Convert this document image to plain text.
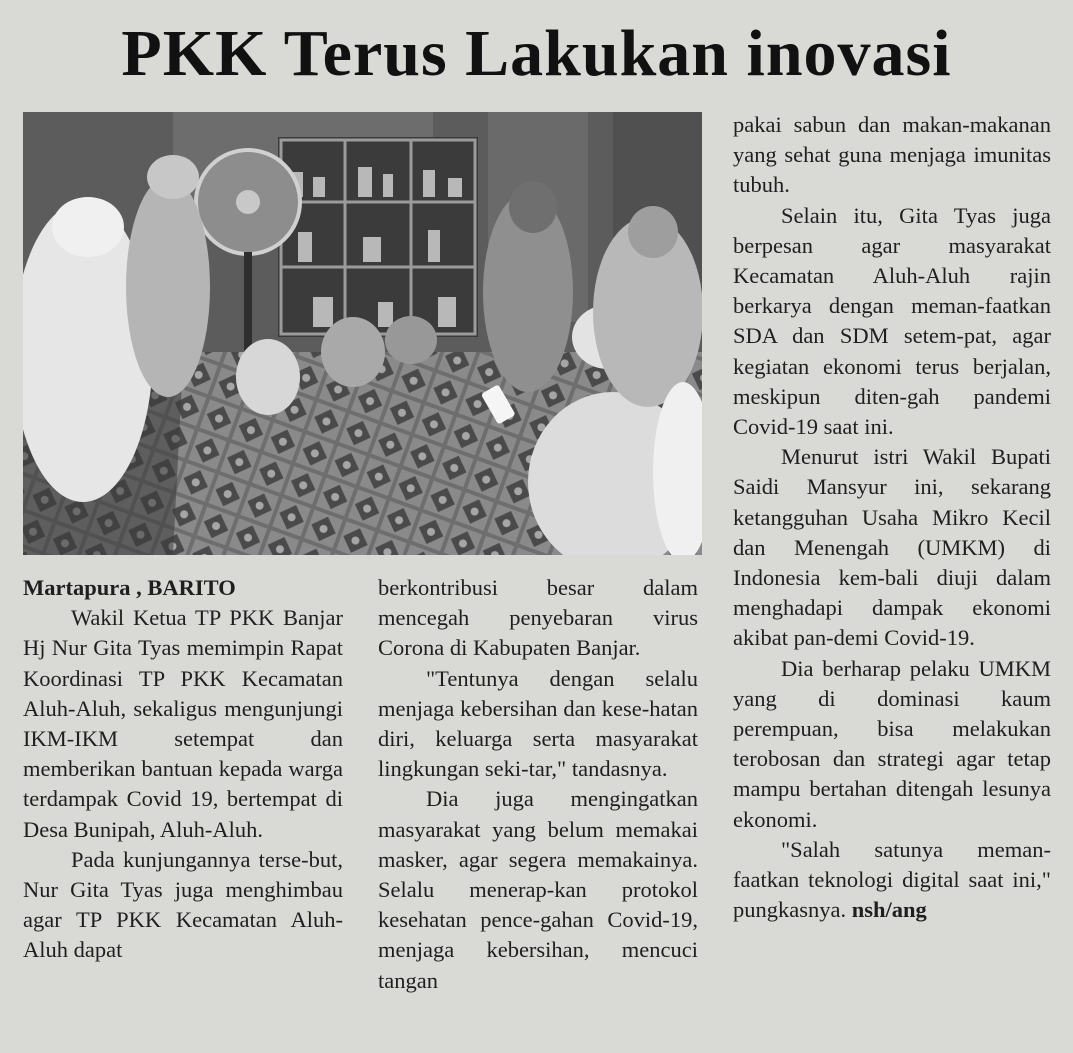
PKK Terus Lakukan inovasi

Martapura , BARITO

Wakil Ketua TP PKK Banjar Hj Nur Gita Tyas memimpin Rapat Koordinasi TP PKK Kecamatan Aluh-Aluh, sekaligus mengunjungi IKM-IKM setempat dan memberikan bantuan kepada warga terdampak Covid 19, bertempat di Desa Bunipah, Aluh-Aluh.

Pada kunjungannya terse-but, Nur Gita Tyas juga menghimbau agar TP PKK Kecamatan Aluh-Aluh dapat

berkontribusi besar dalam mencegah penyebaran virus Corona di Kabupaten Banjar.

"Tentunya dengan selalu menjaga kebersihan dan kese-hatan diri, keluarga serta masyarakat lingkungan seki-tar," tandasnya.

Dia juga mengingatkan masyarakat yang belum memakai masker, agar segera memakainya. Selalu menerap-kan protokol kesehatan pence-gahan Covid-19, menjaga kebersihan, mencuci tangan

pakai sabun dan makan-makanan yang sehat guna menjaga imunitas tubuh.

Selain itu, Gita Tyas juga berpesan agar masyarakat Kecamatan Aluh-Aluh rajin berkarya dengan meman-faatkan SDA dan SDM setem-pat, agar kegiatan ekonomi terus berjalan, meskipun diten-gah pandemi Covid-19 saat ini.

Menurut istri Wakil Bupati Saidi Mansyur ini, sekarang ketangguhan Usaha Mikro Kecil dan Menengah (UMKM) di Indonesia kem-bali diuji dalam menghadapi dampak ekonomi akibat pan-demi Covid-19.

Dia berharap pelaku UMKM yang di dominasi kaum perempuan, bisa melakukan terobosan dan strategi agar tetap mampu bertahan ditengah lesunya ekonomi.

"Salah satunya meman-faatkan teknologi digital saat ini," pungkasnya. nsh/ang
